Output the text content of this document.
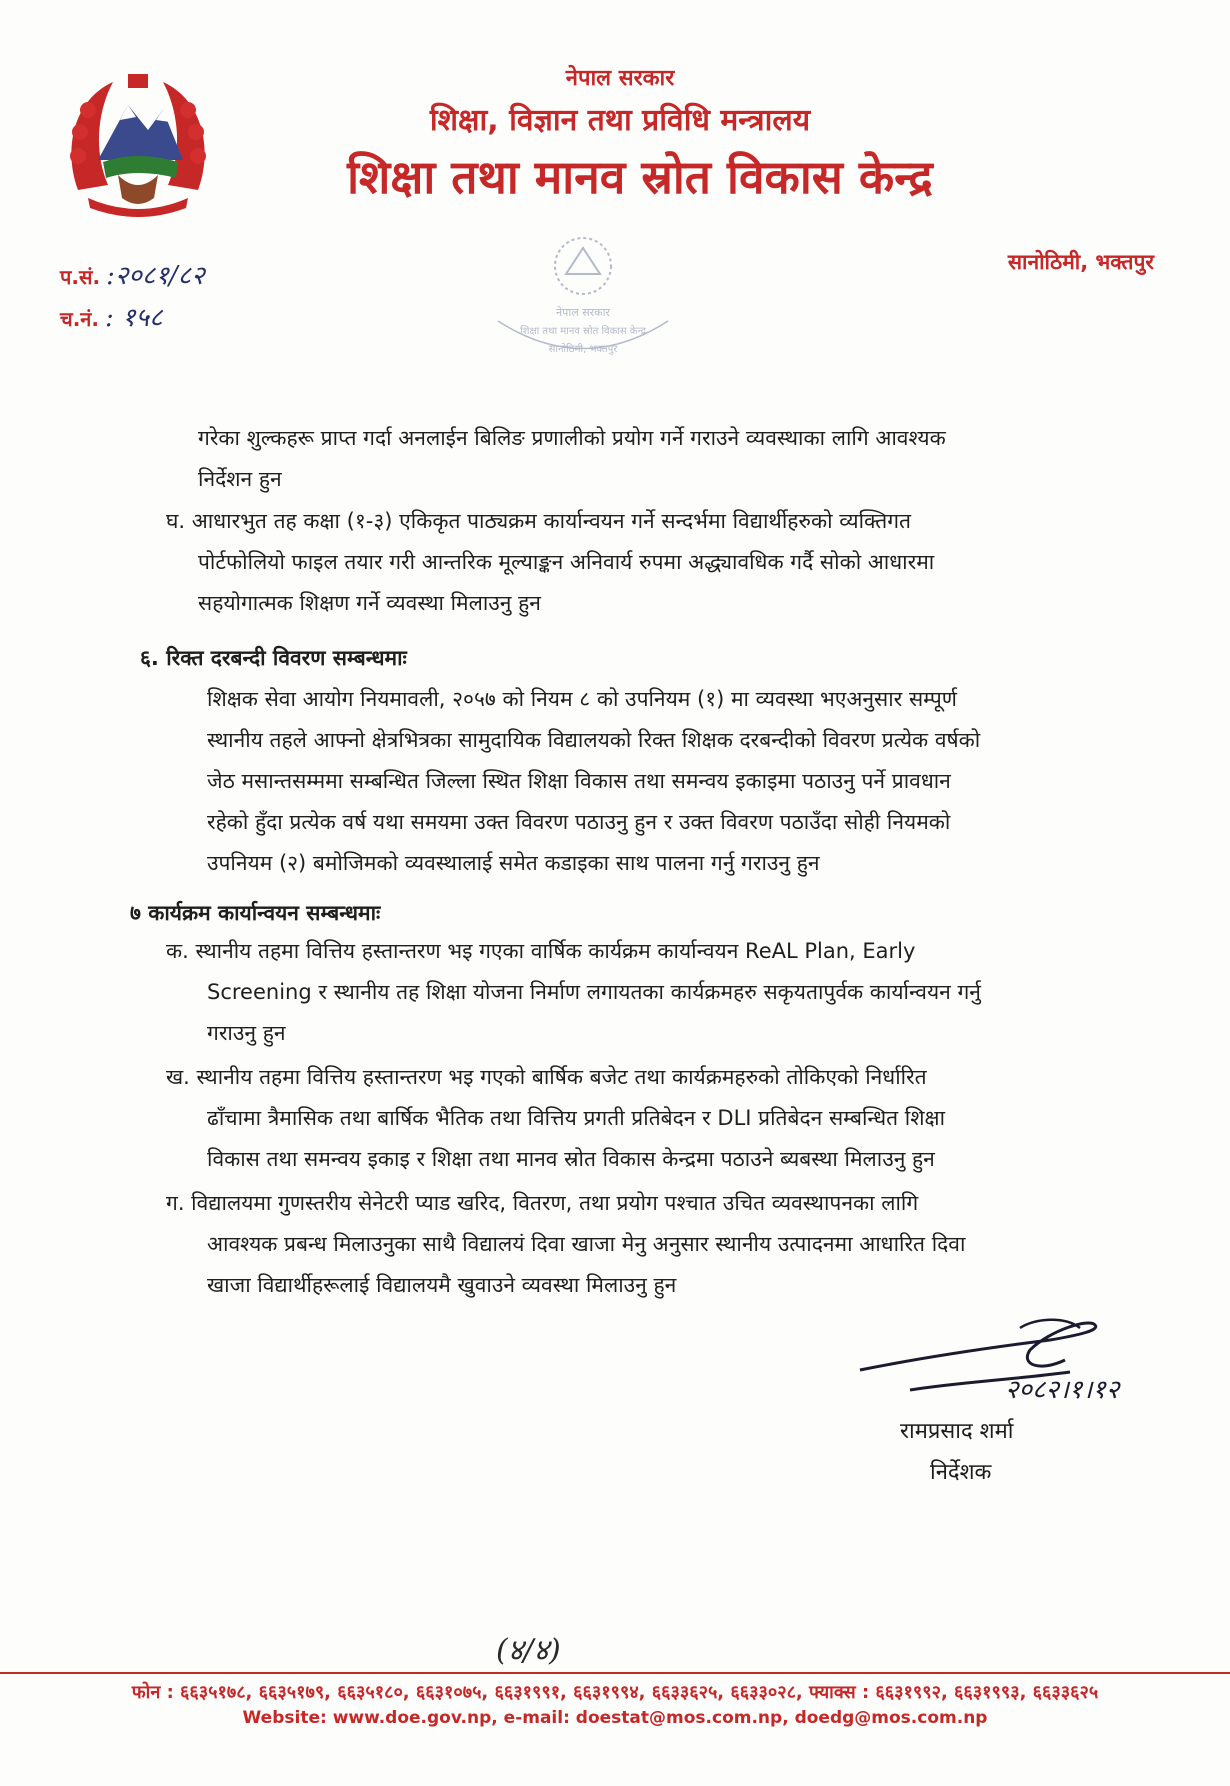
नेपाल सरकार
शिक्षा, विज्ञान तथा प्रविधि मन्त्रालय
शिक्षा तथा मानव स्रोत विकास केन्द्र
सानोठिमी, भक्तपुर
प.सं. :२०८१/८२
च.नं. : १५८	नेपाल सरकार
शिक्षा तथा मानव स्रोत विकास केन्द्र
सानोठिमी, भक्तपुर
गरेका शुल्कहरू प्राप्त गर्दा अनलाईन बिलिङ प्रणालीको प्रयोग गर्ने गराउने व्यवस्थाका लागि आवश्यक
निर्देशन हुन
घ. आधारभुत तह कक्षा (१-३) एकिकृत पाठ्यक्रम कार्यान्वयन गर्ने सन्दर्भमा विद्यार्थीहरुको व्यक्तिगत
पोर्टफोलियो फाइल तयार गरी आन्तरिक मूल्याङ्कन अनिवार्य रुपमा अद्ध्यावधिक गर्दै सोको आधारमा
सहयोगात्मक शिक्षण गर्ने व्यवस्था मिलाउनु हुन
६. रिक्त दरबन्दी विवरण सम्बन्धमाः
शिक्षक सेवा आयोग नियमावली, २०५७ को नियम ८ को उपनियम (१) मा व्यवस्था भएअनुसार सम्पूर्ण
स्थानीय तहले आफ्नो क्षेत्रभित्रका सामुदायिक विद्यालयको रिक्त शिक्षक दरबन्दीको विवरण प्रत्येक वर्षको
जेठ मसान्तसम्ममा सम्बन्धित जिल्ला स्थित शिक्षा विकास तथा समन्वय इकाइमा पठाउनु पर्ने प्रावधान
रहेको हुँदा प्रत्येक वर्ष यथा समयमा उक्त विवरण पठाउनु हुन र उक्त विवरण पठाउँदा सोही नियमको
उपनियम (२) बमोजिमको व्यवस्थालाई समेत कडाइका साथ पालना गर्नु गराउनु हुन
७ कार्यक्रम कार्यान्वयन सम्बन्धमाः
क. स्थानीय तहमा वित्तिय हस्तान्तरण भइ गएका वार्षिक कार्यक्रम कार्यान्वयन ReAL Plan, Early
Screening र स्थानीय तह शिक्षा योजना निर्माण लगायतका कार्यक्रमहरु सकृयतापुर्वक कार्यान्वयन गर्नु
गराउनु हुन
ख. स्थानीय तहमा वित्तिय हस्तान्तरण भइ गएको बार्षिक बजेट तथा कार्यक्रमहरुको तोकिएको निर्धारित
ढाँचामा त्रैमासिक तथा बार्षिक भैतिक तथा वित्तिय प्रगती प्रतिबेदन र DLI प्रतिबेदन सम्बन्धित शिक्षा
विकास तथा समन्वय इकाइ र शिक्षा तथा मानव स्रोत विकास केन्द्रमा पठाउने ब्यबस्था मिलाउनु हुन
ग. विद्यालयमा गुणस्तरीय सेनेटरी प्याड खरिद, वितरण, तथा प्रयोग पश्चात उचित व्यवस्थापनका लागि
आवश्यक प्रबन्ध मिलाउनुका साथै विद्यालयं दिवा खाजा मेनु अनुसार स्थानीय उत्पादनमा आधारित दिवा
खाजा विद्यार्थीहरूलाई विद्यालयमै खुवाउने व्यवस्था मिलाउनु हुन
२०८२।१।१२
रामप्रसाद शर्मा
निर्देशक
(४/४)
फोन : ६६३५१७८, ६६३५१७९, ६६३५१८०, ६६३१०७५, ६६३१९९१, ६६३१९९४, ६६३३६२५, ६६३३०२८, फ्याक्स : ६६३१९९२, ६६३१९९३, ६६३३६२५
Website: www.doe.gov.np, e-mail: doestat@mos.com.np, doedg@mos.com.np
